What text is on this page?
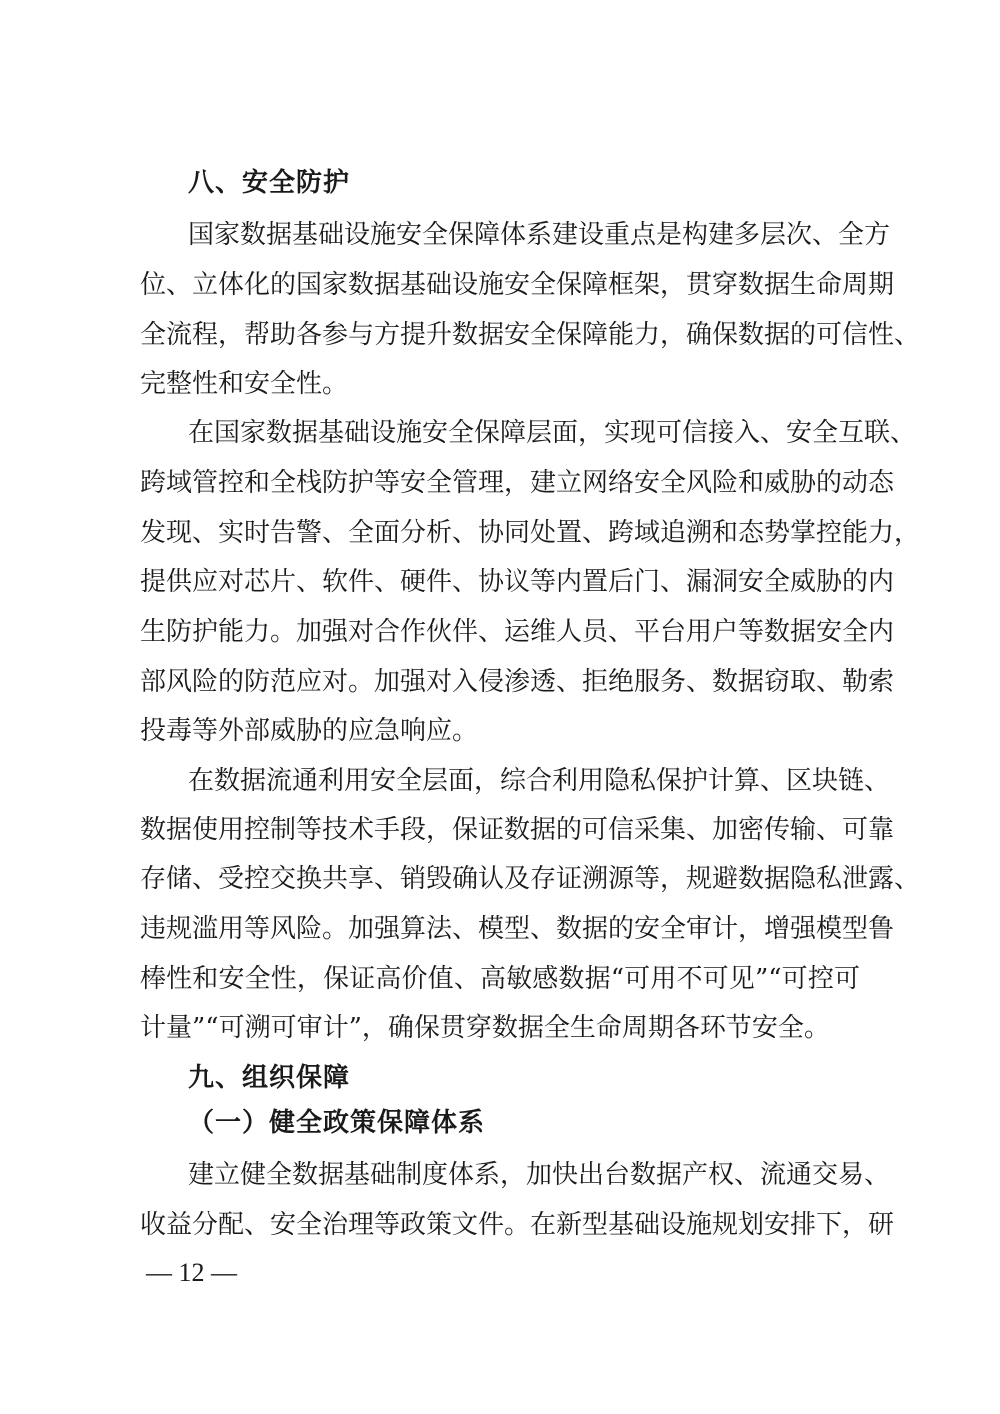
八、安全防护

国家数据基础设施安全保障体系建设重点是构建多层次、全方

位、立体化的国家数据基础设施安全保障框架，贯穿数据生命周期

全流程，帮助各参与方提升数据安全保障能力，确保数据的可信性、

完整性和安全性。

在国家数据基础设施安全保障层面，实现可信接入、安全互联、

跨域管控和全栈防护等安全管理，建立网络安全风险和威胁的动态

发现、实时告警、全面分析、协同处置、跨域追溯和态势掌控能力，

提供应对芯片、软件、硬件、协议等内置后门、漏洞安全威胁的内

生防护能力。加强对合作伙伴、运维人员、平台用户等数据安全内

部风险的防范应对。加强对入侵渗透、拒绝服务、数据窃取、勒索

投毒等外部威胁的应急响应。

在数据流通利用安全层面，综合利用隐私保护计算、区块链、

数据使用控制等技术手段，保证数据的可信采集、加密传输、可靠

存储、受控交换共享、销毁确认及存证溯源等，规避数据隐私泄露、

违规滥用等风险。加强算法、模型、数据的安全审计，增强模型鲁

棒性和安全性，保证高价值、高敏感数据“可用不可见”“可控可

计量”“可溯可审计”，确保贯穿数据全生命周期各环节安全。

九、组织保障
（一）健全政策保障体系

建立健全数据基础制度体系，加快出台数据产权、流通交易、

收益分配、安全治理等政策文件。在新型基础设施规划安排下，研

— 12 —
